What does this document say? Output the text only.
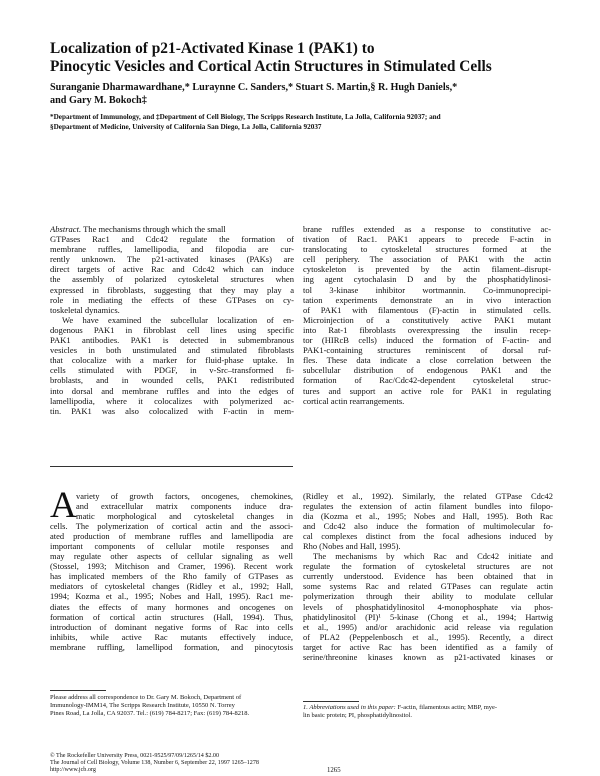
Localization of p21-Activated Kinase 1 (PAK1) to
Pinocytic Vesicles and Cortical Actin Structures in Stimulated Cells
Suranganie Dharmawardhane,* Luraynne C. Sanders,* Stuart S. Martin,§ R. Hugh Daniels,*
and Gary M. Bokoch‡
*Department of Immunology, and ‡Department of Cell Biology, The Scripps Research Institute, La Jolla, California 92037; and
§Department of Medicine, University of California San Diego, La Jolla, California 92037
Abstract. The mechanisms through which the small
GTPases Rac1 and Cdc42 regulate the formation of
membrane ruffles, lamellipodia, and filopodia are cur-
rently unknown. The p21-activated kinases (PAKs) are
direct targets of active Rac and Cdc42 which can induce
the assembly of polarized cytoskeletal structures when
expressed in fibroblasts, suggesting that they may play a
role in mediating the effects of these GTPases on cy-
toskeletal dynamics.
We have examined the subcellular localization of en-
dogenous PAK1 in fibroblast cell lines using specific
PAK1 antibodies. PAK1 is detected in submembranous
vesicles in both unstimulated and stimulated fibroblasts
that colocalize with a marker for fluid-phase uptake. In
cells stimulated with PDGF, in v-Src–transformed fi-
broblasts, and in wounded cells, PAK1 redistributed
into dorsal and membrane ruffles and into the edges of
lamellipodia, where it colocalizes with polymerized ac-
tin. PAK1 was also colocalized with F-actin in mem-
brane ruffles extended as a response to constitutive ac-
tivation of Rac1. PAK1 appears to precede F-actin in
translocating to cytoskeletal structures formed at the
cell periphery. The association of PAK1 with the actin
cytoskeleton is prevented by the actin filament–disrupt-
ing agent cytochalasin D and by the phosphatidylinosi-
tol 3-kinase inhibitor wortmannin. Co-immunoprecipi-
tation experiments demonstrate an in vivo interaction
of PAK1 with filamentous (F)-actin in stimulated cells.
Microinjection of a constitutively active PAK1 mutant
into Rat-1 fibroblasts overexpressing the insulin recep-
tor (HIRcB cells) induced the formation of F-actin- and
PAK1-containing structures reminiscent of dorsal ruf-
fles. These data indicate a close correlation between the
subcellular distribution of endogenous PAK1 and the
formation of Rac/Cdc42-dependent cytoskeletal struc-
tures and support an active role for PAK1 in regulating
cortical actin rearrangements.
A variety of growth factors, oncogenes, chemokines,
and extracellular matrix components induce dra-
matic morphological and cytoskeletal changes in
cells. The polymerization of cortical actin and the associ-
ated production of membrane ruffles and lamellipodia are
important components of cellular motile responses and
may regulate other aspects of cellular signaling as well
(Stossel, 1993; Mitchison and Cramer, 1996). Recent work
has implicated members of the Rho family of GTPases as
mediators of cytoskeletal changes (Ridley et al., 1992; Hall,
1994; Kozma et al., 1995; Nobes and Hall, 1995). Rac1 me-
diates the effects of many hormones and oncogenes on
formation of cortical actin structures (Hall, 1994). Thus,
introduction of dominant negative forms of Rac into cells
inhibits, while active Rac mutants effectively induce,
membrane ruffling, lamellipod formation, and pinocytosis
(Ridley et al., 1992). Similarly, the related GTPase Cdc42
regulates the extension of actin filament bundles into filopo-
dia (Kozma et al., 1995; Nobes and Hall, 1995). Both Rac
and Cdc42 also induce the formation of multimolecular fo-
cal complexes distinct from the focal adhesions induced by
Rho (Nobes and Hall, 1995).
The mechanisms by which Rac and Cdc42 initiate and
regulate the formation of cytoskeletal structures are not
currently understood. Evidence has been obtained that in
some systems Rac and related GTPases can regulate actin
polymerization through their ability to modulate cellular
levels of phosphatidylinositol 4-monophosphate via phos-
phatidylinositol (PI)¹ 5-kinase (Chong et al., 1994; Hartwig
et al., 1995) and/or arachidonic acid release via regulation
of PLA2 (Peppelenbosch et al., 1995). Recently, a direct
target for active Rac has been identified as a family of
serine/threonine kinases known as p21-activated kinases or
Please address all correspondence to Dr. Gary M. Bokoch, Department of
Immunology-IMM14, The Scripps Research Institute, 10550 N. Torrey
Pines Road, La Jolla, CA 92037. Tel.: (619) 784-8217; Fax: (619) 784-8218.
1. Abbreviations used in this paper: F-actin, filamentous actin; MBP, mye-
lin basic protein; PI, phosphatidylinositol.
© The Rockefeller University Press, 0021-9525/97/09/1265/14 $2.00
The Journal of Cell Biology, Volume 138, Number 6, September 22, 1997 1265–1278
http://www.jcb.org	1265
